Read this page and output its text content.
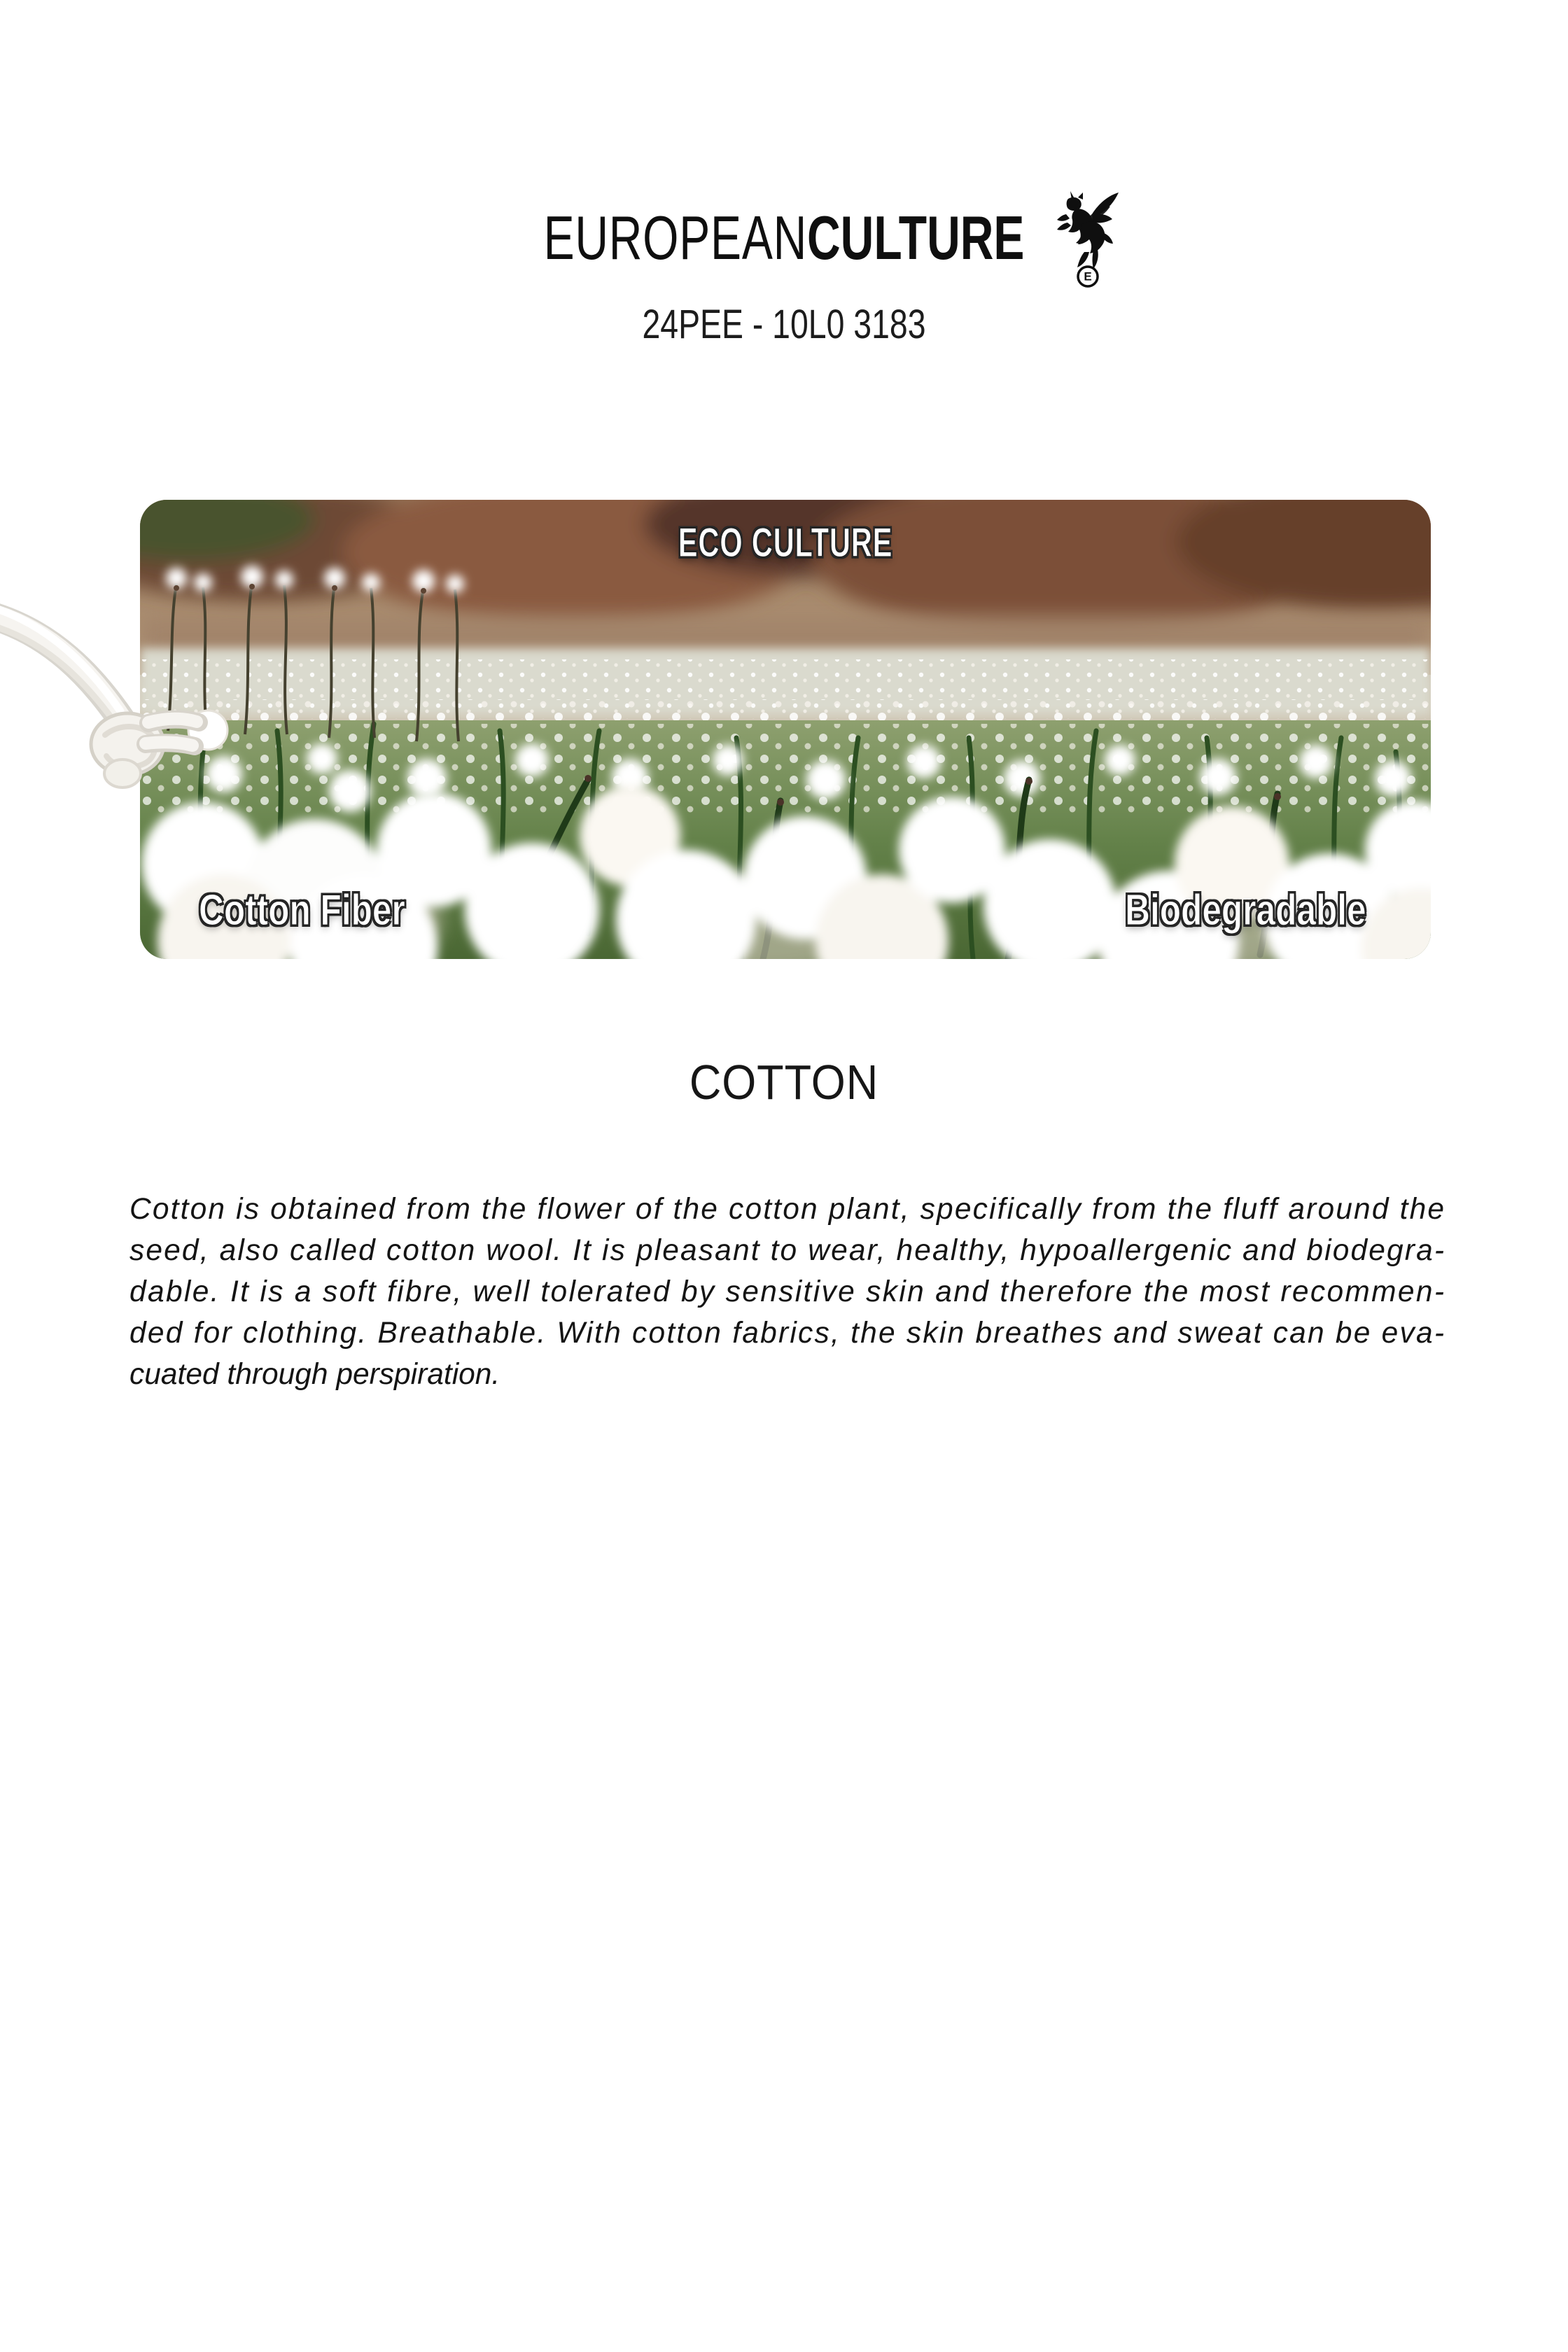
EUROPEANCULTURE
E
24PEE - 10L0 3183
ECO CULTURE
Cotton Fiber	Biodegradable
COTTON
Cotton is obtained from the flower of the cotton plant, specifically from the fluff around the
seed, also called cotton wool. It is pleasant to wear, healthy, hypoallergenic and biodegra-
dable. It is a soft fibre, well tolerated by sensitive skin and therefore the most recommen-
ded for clothing. Breathable. With cotton fabrics, the skin breathes and sweat can be eva-
cuated through perspiration.
